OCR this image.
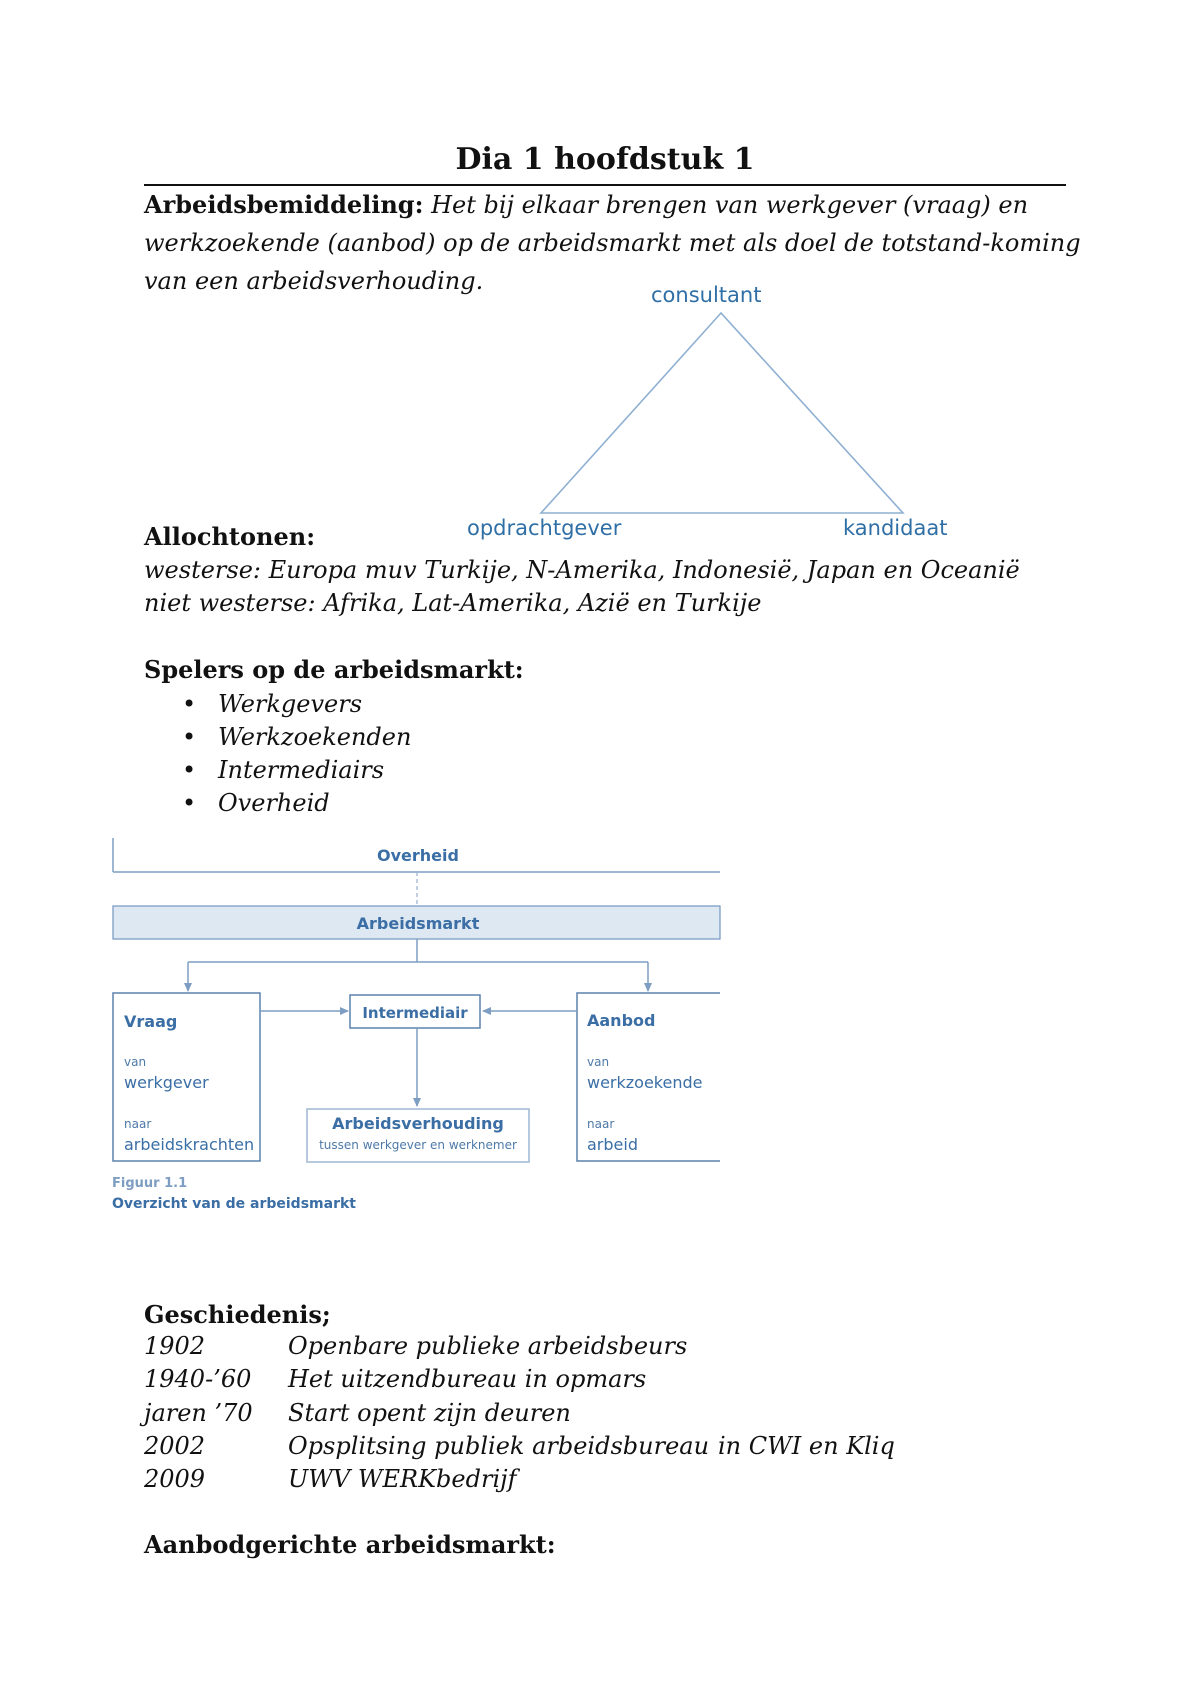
Dia 1 hoofdstuk 1
Arbeidsbemiddeling: Het bij elkaar brengen van werkgever (vraag) en werkzoekende (aanbod) op de arbeidsmarkt met als doel de totstand-koming van een arbeidsverhouding.	consultant
opdrachtgever	kandidaat
Allochtonen:
westerse: Europa muv Turkije, N-Amerika, Indonesië, Japan en Oceanië
niet westerse: Afrika, Lat-Amerika, Azië en Turkije
Spelers op de arbeidsmarkt:
• Werkgevers
• Werkzoekenden
• Intermediairs
• Overheid
Overheid
Arbeidsmarkt
Vraag
van
werkgever
naar
arbeidskrachten
Intermediair	Aanbod
van
werkzoekende
naar
arbeid
Arbeidsverhouding
tussen werkgever en werknemer
Figuur 1.1
Overzicht van de arbeidsmarkt
Geschiedenis;
1902	Openbare publieke arbeidsbeurs
1940-’60 Het uitzendbureau in opmars
jaren ’70 Start opent zijn deuren
2002	Opsplitsing publiek arbeidsbureau in CWI en Kliq
2009	UWV WERKbedrijf
Aanbodgerichte arbeidsmarkt:
